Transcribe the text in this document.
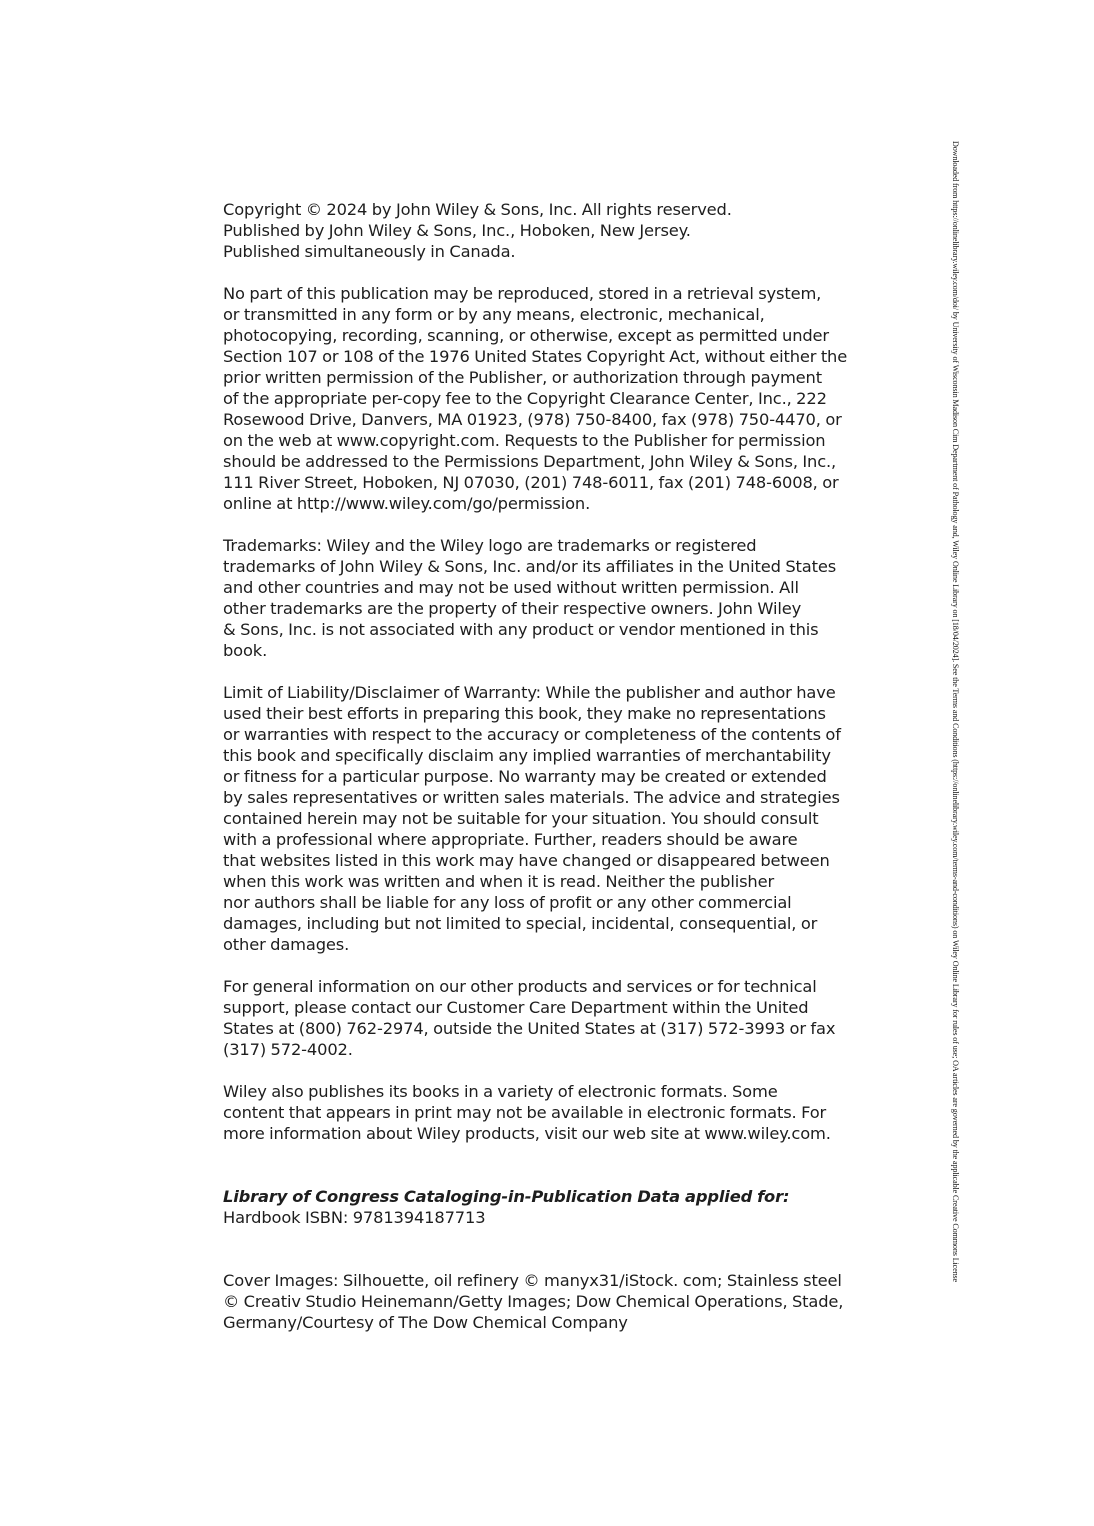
Copyright © 2024 by John Wiley & Sons, Inc. All rights reserved.
Published by John Wiley & Sons, Inc., Hoboken, New Jersey.
Published simultaneously in Canada.
No part of this publication may be reproduced, stored in a retrieval system,
or transmitted in any form or by any means, electronic, mechanical,
photocopying, recording, scanning, or otherwise, except as permitted under
Section 107 or 108 of the 1976 United States Copyright Act, without either the
prior written permission of the Publisher, or authorization through payment
of the appropriate per-copy fee to the Copyright Clearance Center, Inc., 222
Rosewood Drive, Danvers, MA 01923, (978) 750-8400, fax (978) 750-4470, or
on the web at www.copyright.com. Requests to the Publisher for permission
should be addressed to the Permissions Department, John Wiley & Sons, Inc.,
111 River Street, Hoboken, NJ 07030, (201) 748-6011, fax (201) 748-6008, or
online at http://www.wiley.com/go/permission.
Trademarks: Wiley and the Wiley logo are trademarks or registered
trademarks of John Wiley & Sons, Inc. and/or its affiliates in the United States
and other countries and may not be used without written permission. All
other trademarks are the property of their respective owners. John Wiley
& Sons, Inc. is not associated with any product or vendor mentioned in this
book.
Limit of Liability/Disclaimer of Warranty: While the publisher and author have
used their best efforts in preparing this book, they make no representations
or warranties with respect to the accuracy or completeness of the contents of
this book and specifically disclaim any implied warranties of merchantability
or fitness for a particular purpose. No warranty may be created or extended
by sales representatives or written sales materials. The advice and strategies
contained herein may not be suitable for your situation. You should consult
with a professional where appropriate. Further, readers should be aware
that websites listed in this work may have changed or disappeared between
when this work was written and when it is read. Neither the publisher
nor authors shall be liable for any loss of profit or any other commercial
damages, including but not limited to special, incidental, consequential, or
other damages.
For general information on our other products and services or for technical
support, please contact our Customer Care Department within the United
States at (800) 762-2974, outside the United States at (317) 572-3993 or fax
(317) 572-4002.
Wiley also publishes its books in a variety of electronic formats. Some
content that appears in print may not be available in electronic formats. For
more information about Wiley products, visit our web site at www.wiley.com.
Library of Congress Cataloging-in-Publication Data applied for:
Hardbook ISBN: 9781394187713
Cover Images: Silhouette, oil refinery © manyx31/iStock. com; Stainless steel
© Creativ Studio Heinemann/Getty Images; Dow Chemical Operations, Stade,
Germany/Courtesy of The Dow Chemical Company
Downloaded from https://onlinelibrary.wiley.com/doi/ by University of Wisconsin Madison Cim Department of Pathology and, Wiley Online Library on [18/04/2024]. See the Terms and Conditions (https://onlinelibrary.wiley.com/terms-and-conditions) on Wiley Online Library for rules of use; OA articles are governed by the applicable Creative Commons License
